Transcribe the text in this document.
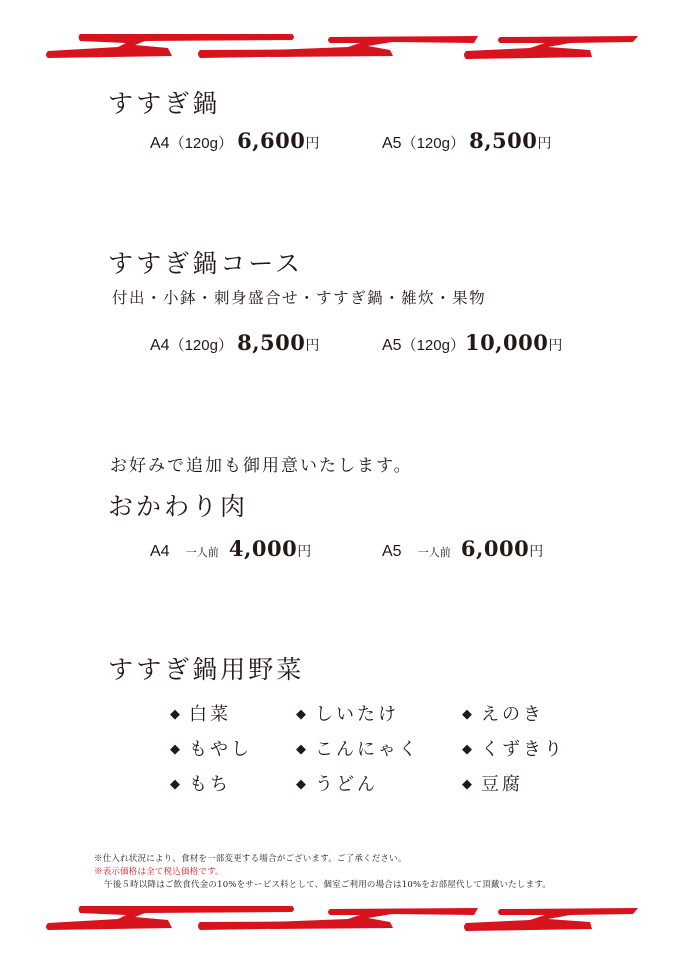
すすぎ鍋
A4（120g） 6,600円	A5（120g） 8,500円
すすぎ鍋コース
付出・小鉢・刺身盛合せ・すすぎ鍋・雑炊・果物
A4（120g） 8,500円	A5（120g）10,000円
お好みで追加も御用意いたします。
おかわり肉
A4 一人前 4,000円	A5 一人前 6,000円
すすぎ鍋用野菜
◆ 白菜	◆ しいたけ	◆ えのき
◆ もやし	◆ こんにゃく	◆ くずきり
◆ もち	◆ うどん	◆ 豆腐
※仕入れ状況により、食材を一部変更する場合がございます。ご了承ください。
※表示価格は全て税込価格です。
午後５時以降はご飲食代金の10%をサービス料として、個室ご利用の場合は10%をお部屋代して頂戴いたします。
